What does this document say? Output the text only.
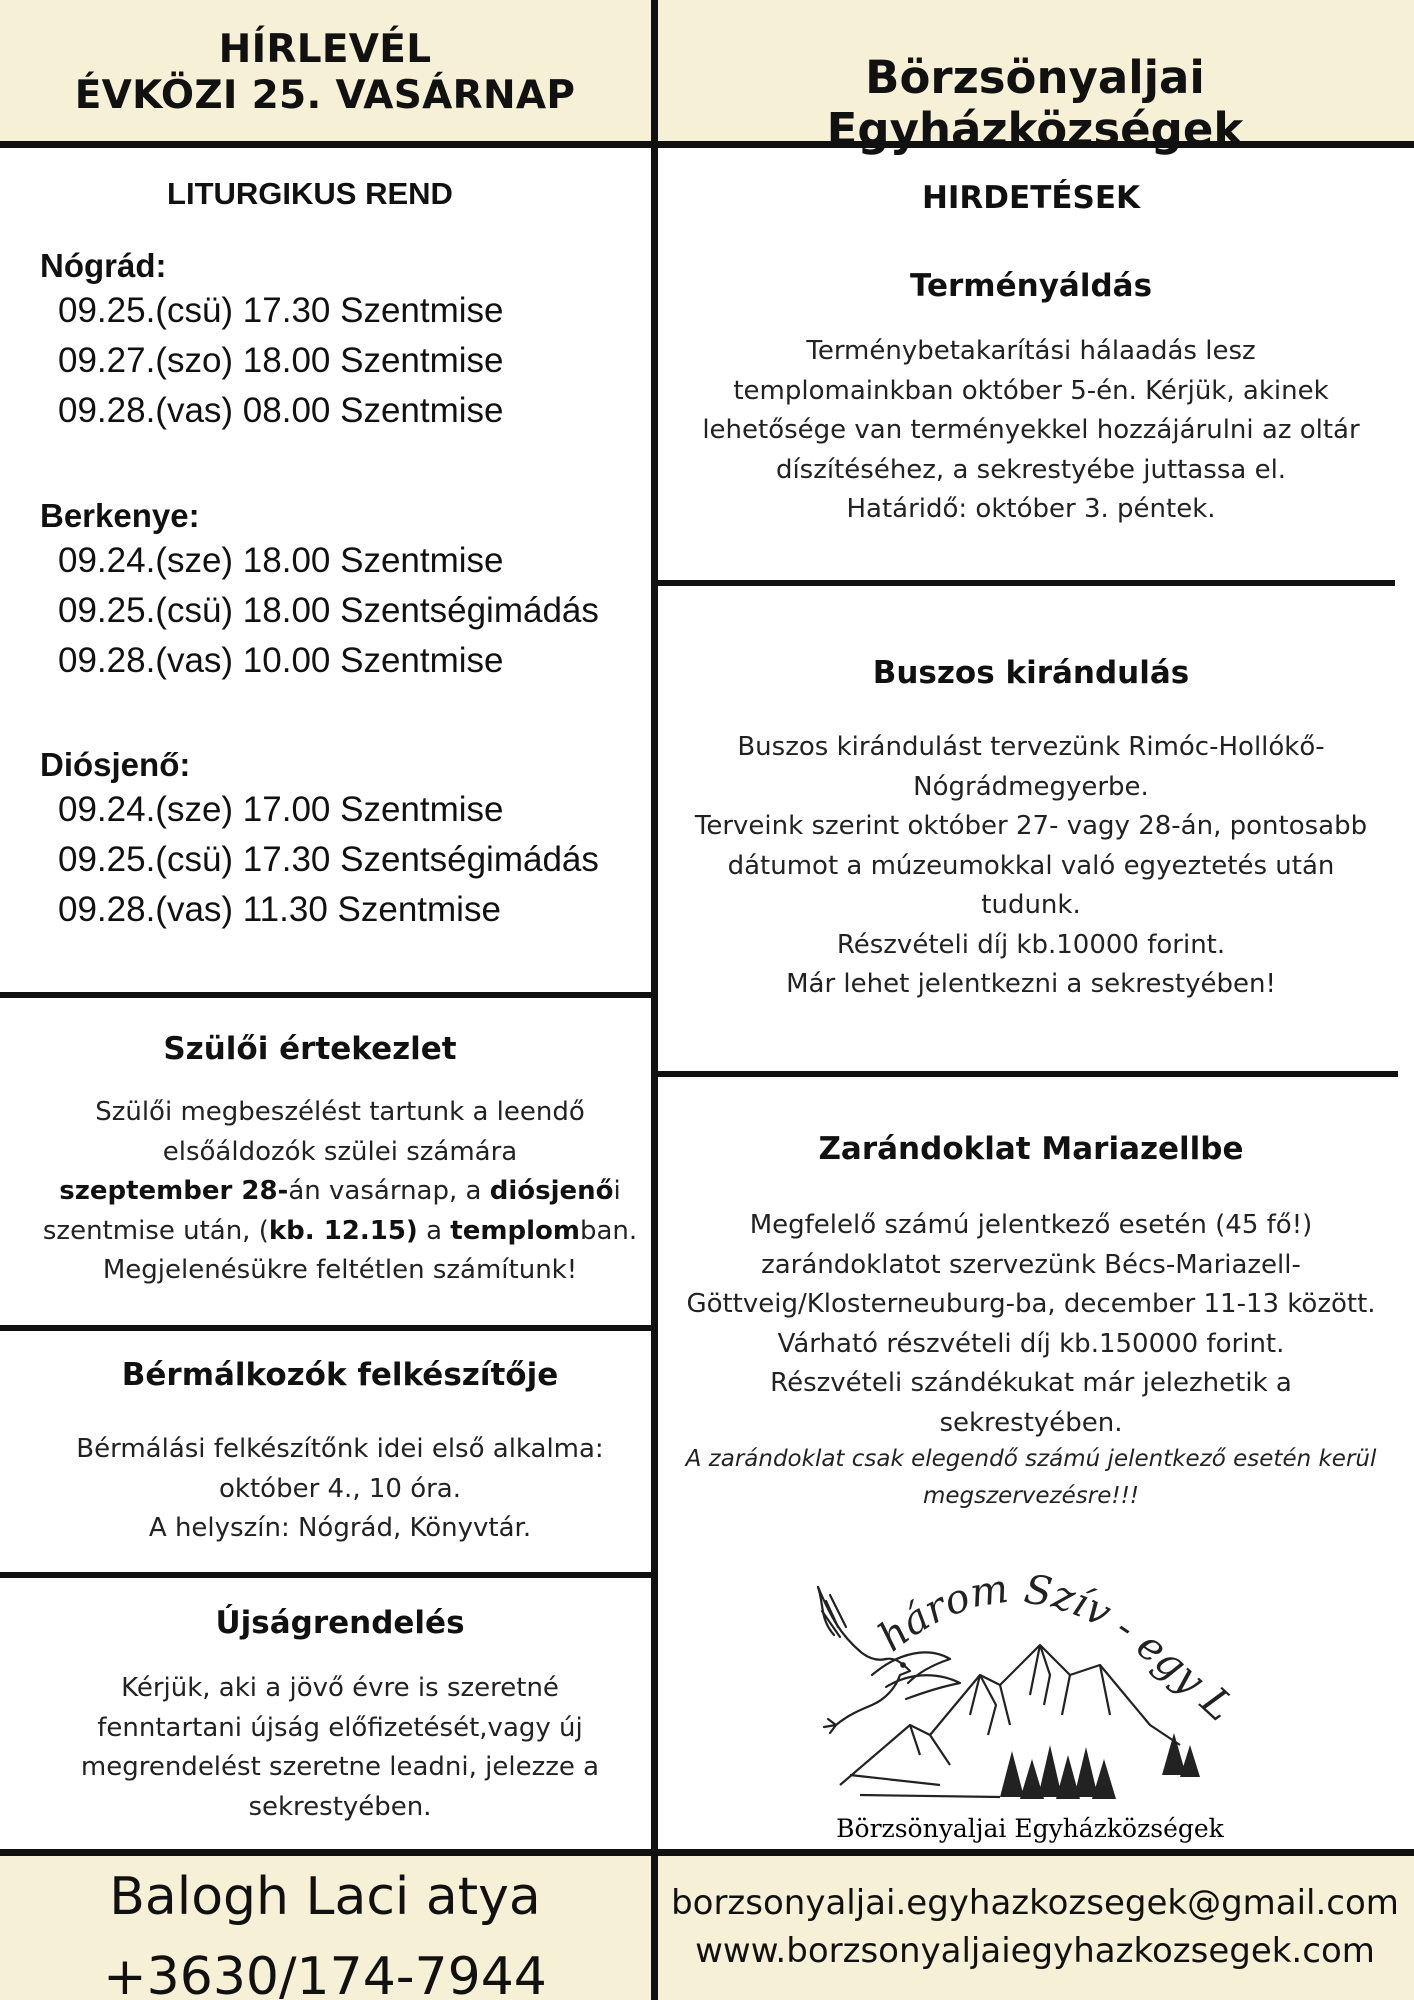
HÍRLEVÉL
ÉVKÖZI 25. VASÁRNAP	Börzsönyaljai Egyházközségek
LITURGIKUS REND
Nógrád:
09.25.(csü) 17.30 Szentmise
09.27.(szo) 18.00 Szentmise
09.28.(vas) 08.00 Szentmise
Berkenye:
09.24.(sze) 18.00 Szentmise
09.25.(csü) 18.00 Szentségimádás
09.28.(vas) 10.00 Szentmise
Diósjenő:
09.24.(sze) 17.00 Szentmise
09.25.(csü) 17.30 Szentségimádás
09.28.(vas) 11.30 Szentmise
Szülői értekezlet
Szülői megbeszélést tartunk a leendő
elsőáldozók szülei számára
szeptember 28-án vasárnap, a diósjenői
szentmise után, (kb. 12.15) a templomban.
Megjelenésükre feltétlen számítunk!
Bérmálkozók felkészítője
Bérmálási felkészítőnk idei első alkalma:
október 4., 10 óra.
A helyszín: Nógrád, Könyvtár.
Újságrendelés
Kérjük, aki a jövő évre is szeretné
fenntartani újság előfizetését,vagy új
megrendelést szeretne leadni, jelezze a
sekrestyében.
HIRDETÉSEK
Terményáldás
Terménybetakarítási hálaadás lesz
templomainkban október 5-én. Kérjük, akinek
lehetősége van terményekkel hozzájárulni az oltár
díszítéséhez, a sekrestyébe juttassa el.
Határidő: október 3. péntek.
Buszos kirándulás
Buszos kirándulást tervezünk Rimóc-Hollókő-
Nógrádmegyerbe.
Terveink szerint október 27- vagy 28-án, pontosabb
dátumot a múzeumokkal való egyeztetés után
tudunk.
Részvételi díj kb.10000 forint.
Már lehet jelentkezni a sekrestyében!
Zarándoklat Mariazellbe
Megfelelő számú jelentkező esetén (45 fő!)
zarándoklatot szervezünk Bécs-Mariazell-
Göttveig/Klosterneuburg-ba, december 11-13 között.
Várható részvételi díj kb.150000 forint.
Részvételi szándékukat már jelezhetik a
sekrestyében.
A zarándoklat csak elegendő számú jelentkező esetén kerül
megszervezésre!!!
három Szív - egy L
Börzsönyaljai Egyházközségek
Balogh Laci atya
+3630/174-7944
borzsonyaljai.egyhazkozsegek@gmail.com
www.borzsonyaljaiegyhazkozsegek.com
